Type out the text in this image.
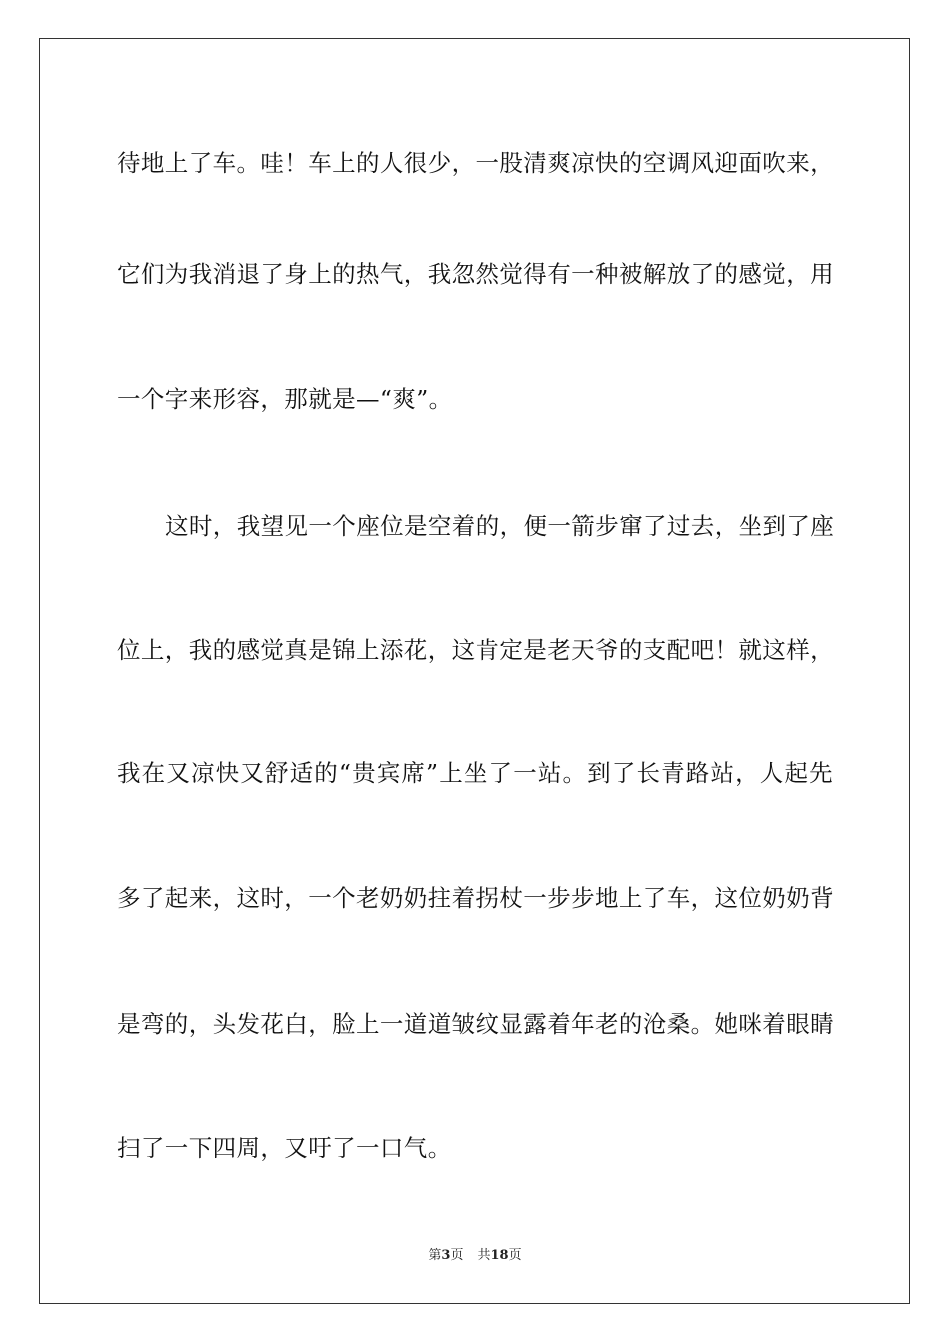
待地上了车。哇！车上的人很少，一股清爽凉快的空调风迎面吹来，
它们为我消退了身上的热气，我忽然觉得有一种被解放了的感觉，用
一个字来形容，那就是—“爽”。
这时，我望见一个座位是空着的，便一箭步窜了过去，坐到了座
位上，我的感觉真是锦上添花，这肯定是老天爷的支配吧！就这样，
我在又凉快又舒适的“贵宾席”上坐了一站。到了长青路站，人起先
多了起来，这时，一个老奶奶拄着拐杖一步步地上了车，这位奶奶背
是弯的，头发花白，脸上一道道皱纹显露着年老的沧桑。她咪着眼睛
扫了一下四周，又吁了一口气。
第3页 共18页
